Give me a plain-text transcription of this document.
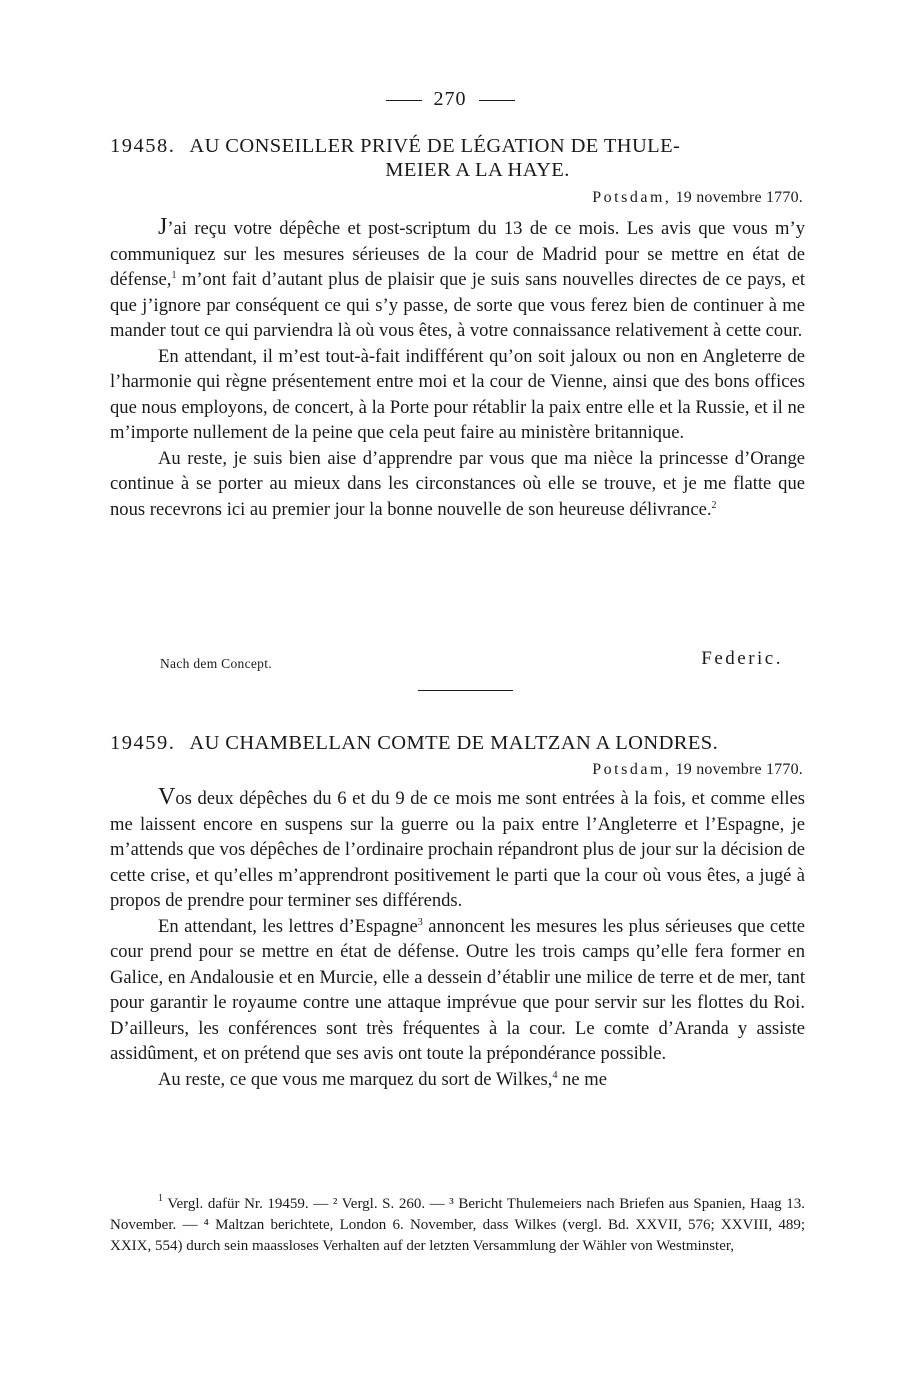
270
19458. AU CONSEILLER PRIVÉ DE LÉGATION DE THULE-
MEIER A LA HAYE.
Potsdam, 19 novembre 1770.

J’ai reçu votre dépêche et post-scriptum du 13 de ce mois. Les avis que vous m’y communiquez sur les mesures sérieuses de la cour de Madrid pour se mettre en état de défense,$^1$ m’ont fait d’autant plus de plaisir que je suis sans nouvelles directes de ce pays, et que j’ignore par conséquent ce qui s’y passe, de sorte que vous ferez bien de continuer à me mander tout ce qui parviendra là où vous êtes, à votre connaissance relativement à cette cour.

En attendant, il m’est tout-à-fait indifférent qu’on soit jaloux ou non en Angleterre de l’harmonie qui règne présentement entre moi et la cour de Vienne, ainsi que des bons offices que nous employons, de concert, à la Porte pour rétablir la paix entre elle et la Russie, et il ne m’importe nullement de la peine que cela peut faire au ministère britannique.

Au reste, je suis bien aise d’apprendre par vous que ma nièce la princesse d’Orange continue à se porter au mieux dans les circonstances où elle se trouve, et je me flatte que nous recevrons ici au premier jour la bonne nouvelle de son heureuse délivrance.$^2$

Nach dem Concept.	Federic.
19459. AU CHAMBELLAN COMTE DE MALTZAN A LONDRES.
Potsdam, 19 novembre 1770.

Vos deux dépêches du 6 et du 9 de ce mois me sont entrées à la fois, et comme elles me laissent encore en suspens sur la guerre ou la paix entre l’Angleterre et l’Espagne, je m’attends que vos dépêches de l’ordinaire prochain répandront plus de jour sur la décision de cette crise, et qu’elles m’apprendront positivement le parti que la cour où vous êtes, a jugé à propos de prendre pour terminer ses différends.

En attendant, les lettres d’Espagne$^3$ annoncent les mesures les plus sérieuses que cette cour prend pour se mettre en état de défense. Outre les trois camps qu’elle fera former en Galice, en Andalousie et en Murcie, elle a dessein d’établir une milice de terre et de mer, tant pour garantir le royaume contre une attaque imprévue que pour servir sur les flottes du Roi. D’ailleurs, les conférences sont très fréquentes à la cour. Le comte d’Aranda y assiste assidûment, et on prétend que ses avis ont toute la prépondérance possible.

Au reste, ce que vous me marquez du sort de Wilkes,$^4$ ne me

$^1$ Vergl. dafür Nr. 19459. — ² Vergl. S. 260. — ³ Bericht Thulemeiers nach Briefen aus Spanien, Haag 13. November. — ⁴ Maltzan berichtete, London 6. November, dass Wilkes (vergl. Bd. XXVII, 576; XXVIII, 489; XXIX, 554) durch sein maassloses Verhalten auf der letzten Versammlung der Wähler von Westminster,
